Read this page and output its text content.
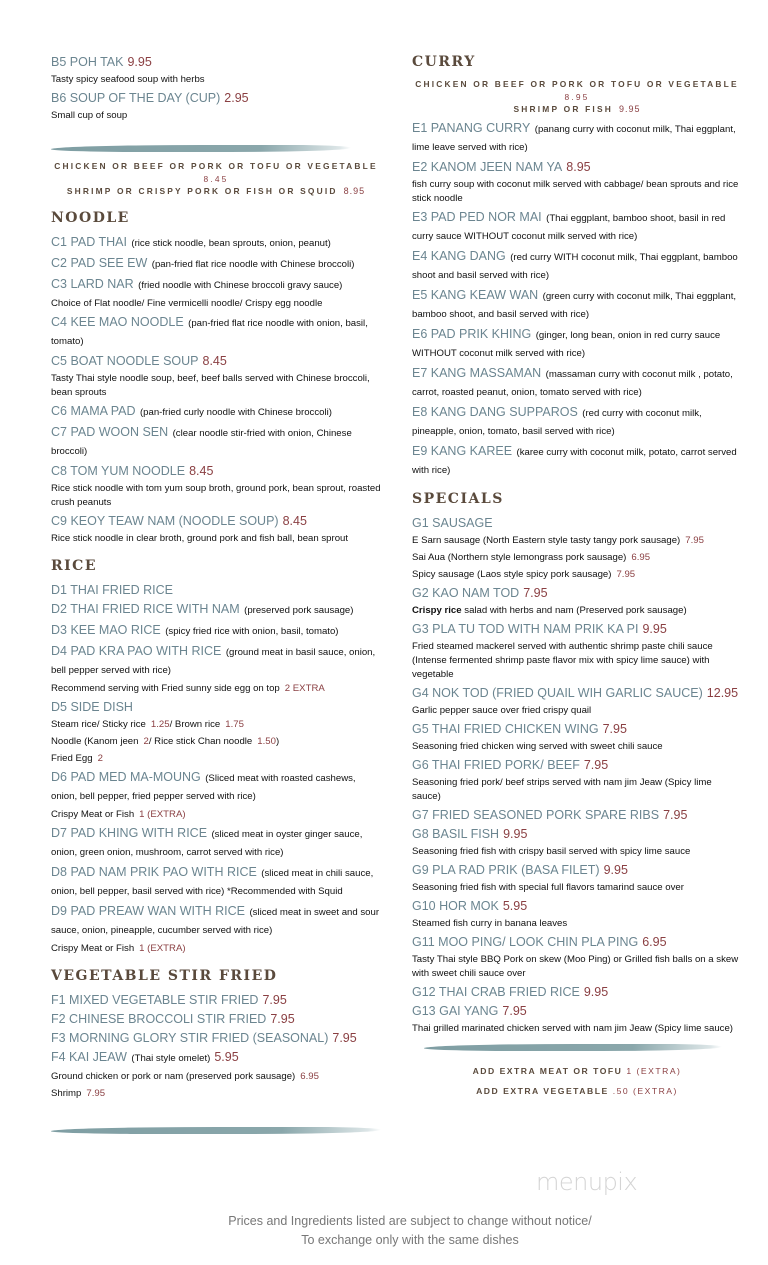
B5 POH TAK 9.95
Tasty spicy seafood soup with herbs
B6 SOUP OF THE DAY (CUP) 2.95
Small cup of soup
CHICKEN OR BEEF OR PORK OR TOFU OR VEGETABLE
8.45
SHRIMP OR CRISPY PORK OR FISH OR SQUID 8.95
NOODLE
C1 PAD THAI (rice stick noodle, bean sprouts, onion, peanut)
C2 PAD SEE EW (pan-fried flat rice noodle with Chinese broccoli)
C3 LARD NAR (fried noodle with Chinese broccoli gravy sauce)
Choice of Flat noodle/ Fine vermicelli noodle/ Crispy egg noodle
C4 KEE MAO NOODLE (pan-fried flat rice noodle with onion, basil, tomato)
C5 BOAT NOODLE SOUP 8.45
Tasty Thai style noodle soup, beef, beef balls served with Chinese broccoli, bean sprouts
C6 MAMA PAD (pan-fried curly noodle with Chinese broccoli)
C7 PAD WOON SEN (clear noodle stir-fried with onion, Chinese broccoli)
C8 TOM YUM NOODLE 8.45
Rice stick noodle with tom yum soup broth, ground pork, bean sprout, roasted crush peanuts
C9 KEOY TEAW NAM (NOODLE SOUP) 8.45
Rice stick noodle in clear broth, ground pork and fish ball, bean sprout
RICE
D1 THAI FRIED RICE
D2 THAI FRIED RICE WITH NAM (preserved pork sausage)
D3 KEE MAO RICE (spicy fried rice with onion, basil, tomato)
D4 PAD KRA PAO WITH RICE (ground meat in basil sauce, onion, bell pepper served with rice)
Recommend serving with Fried sunny side egg on top 2 EXTRA
D5 SIDE DISH
Steam rice/ Sticky rice 1.25/ Brown rice 1.75
Noodle (Kanom jeen 2/ Rice stick Chan noodle 1.50)
Fried Egg 2
D6 PAD MED MA-MOUNG (Sliced meat with roasted cashews, onion, bell pepper, fried pepper served with rice)
Crispy Meat or Fish 1 (EXTRA)
D7 PAD KHING WITH RICE (sliced meat in oyster ginger sauce, onion, green onion, mushroom, carrot served with rice)
D8 PAD NAM PRIK PAO WITH RICE (sliced meat in chili sauce, onion, bell pepper, basil served with rice) *Recommended with Squid
D9 PAD PREAW WAN WITH RICE (sliced meat in sweet and sour sauce, onion, pineapple, cucumber served with rice)
Crispy Meat or Fish 1 (EXTRA)
VEGETABLE STIR FRIED
F1 MIXED VEGETABLE STIR FRIED 7.95
F2 CHINESE BROCCOLI STIR FRIED 7.95
F3 MORNING GLORY STIR FRIED (SEASONAL) 7.95
F4 KAI JEAW (Thai style omelet) 5.95
Ground chicken or pork or nam (preserved pork sausage) 6.95
Shrimp 7.95
CURRY
CHICKEN OR BEEF OR PORK OR TOFU OR VEGETABLE
8.95
SHRIMP OR FISH 9.95
E1 PANANG CURRY (panang curry with coconut milk, Thai eggplant, lime leave served with rice)
E2 KANOM JEEN NAM YA 8.95
fish curry soup with coconut milk served with cabbage/ bean sprouts and rice stick noodle
E3 PAD PED NOR MAI (Thai eggplant, bamboo shoot, basil in red curry sauce WITHOUT coconut milk served with rice)
E4 KANG DANG (red curry WITH coconut milk, Thai eggplant, bamboo shoot and basil served with rice)
E5 KANG KEAW WAN (green curry with coconut milk, Thai eggplant, bamboo shoot, and basil served with rice)
E6 PAD PRIK KHING (ginger, long bean, onion in red curry sauce WITHOUT coconut milk served with rice)
E7 KANG MASSAMAN (massaman curry with coconut milk , potato, carrot, roasted peanut, onion, tomato served with rice)
E8 KANG DANG SUPPAROS (red curry with coconut milk, pineapple, onion, tomato, basil served with rice)
E9 KANG KAREE (karee curry with coconut milk, potato, carrot served with rice)
SPECIALS
G1 SAUSAGE
E Sarn sausage (North Eastern style tasty tangy pork sausage) 7.95
Sai Aua (Northern style lemongrass pork sausage) 6.95
Spicy sausage (Laos style spicy pork sausage) 7.95
G2 KAO NAM TOD 7.95
Crispy rice salad with herbs and nam (Preserved pork sausage)
G3 PLA TU TOD WITH NAM PRIK KA PI 9.95
Fried steamed mackerel served with authentic shrimp paste chili sauce (Intense fermented shrimp paste flavor mix with spicy lime sauce) with vegetable
G4 NOK TOD (FRIED QUAIL WIH GARLIC SAUCE) 12.95
Garlic pepper sauce over fried crispy quail
G5 THAI FRIED CHICKEN WING 7.95
Seasoning fried chicken wing served with sweet chili sauce
G6 THAI FRIED PORK/ BEEF 7.95
Seasoning fried pork/ beef strips served with nam jim Jeaw (Spicy lime sauce)
G7 FRIED SEASONED PORK SPARE RIBS 7.95
G8 BASIL FISH 9.95
Seasoning fried fish with crispy basil served with spicy lime sauce
G9 PLA RAD PRIK (BASA FILET) 9.95
Seasoning fried fish with special full flavors tamarind sauce over
G10 HOR MOK 5.95
Steamed fish curry in banana leaves
G11 MOO PING/ LOOK CHIN PLA PING 6.95
Tasty Thai style BBQ Pork on skew (Moo Ping) or Grilled fish balls on a skew with sweet chili sauce over
G12 THAI CRAB FRIED RICE 9.95
G13 GAI YANG 7.95
Thai grilled marinated chicken served with nam jim Jeaw (Spicy lime sauce)
ADD EXTRA MEAT OR TOFU 1 (EXTRA)
ADD EXTRA VEGETABLE .50 (EXTRA)
menupix
Prices and Ingredients listed are subject to change without notice/
To exchange only with the same dishes
